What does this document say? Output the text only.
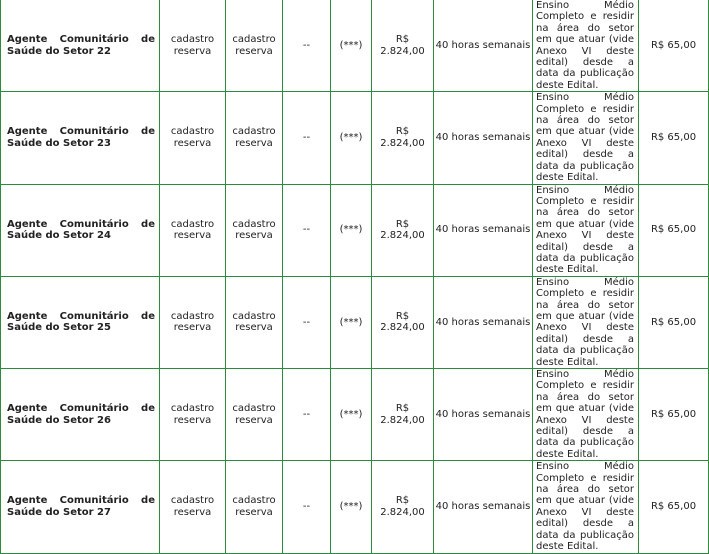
Agente Comunitário de Saúde do Setor 22	cadastro reserva	cadastro reserva	--	(***)	R$ 2.824,00	40 horas semanais	Ensino Médio Completo e residir na área do setor em que atuar (vide Anexo VI deste edital) desde a data da publicação deste Edital.	R$ 65,00
Agente Comunitário de Saúde do Setor 23	cadastro reserva	cadastro reserva	--	(***)	R$ 2.824,00	40 horas semanais	Ensino Médio Completo e residir na área do setor em que atuar (vide Anexo VI deste edital) desde a data da publicação deste Edital.	R$ 65,00
Agente Comunitário de Saúde do Setor 24	cadastro reserva	cadastro reserva	--	(***)	R$ 2.824,00	40 horas semanais	Ensino Médio Completo e residir na área do setor em que atuar (vide Anexo VI deste edital) desde a data da publicação deste Edital.	R$ 65,00
Agente Comunitário de Saúde do Setor 25	cadastro reserva	cadastro reserva	--	(***)	R$ 2.824,00	40 horas semanais	Ensino Médio Completo e residir na área do setor em que atuar (vide Anexo VI deste edital) desde a data da publicação deste Edital.	R$ 65,00
Agente Comunitário de Saúde do Setor 26	cadastro reserva	cadastro reserva	--	(***)	R$ 2.824,00	40 horas semanais	Ensino Médio Completo e residir na área do setor em que atuar (vide Anexo VI deste edital) desde a data da publicação deste Edital.	R$ 65,00
Agente Comunitário de Saúde do Setor 27	cadastro reserva	cadastro reserva	--	(***)	R$ 2.824,00	40 horas semanais	Ensino Médio Completo e residir na área do setor em que atuar (vide Anexo VI deste edital) desde a data da publicação deste Edital.	R$ 65,00
